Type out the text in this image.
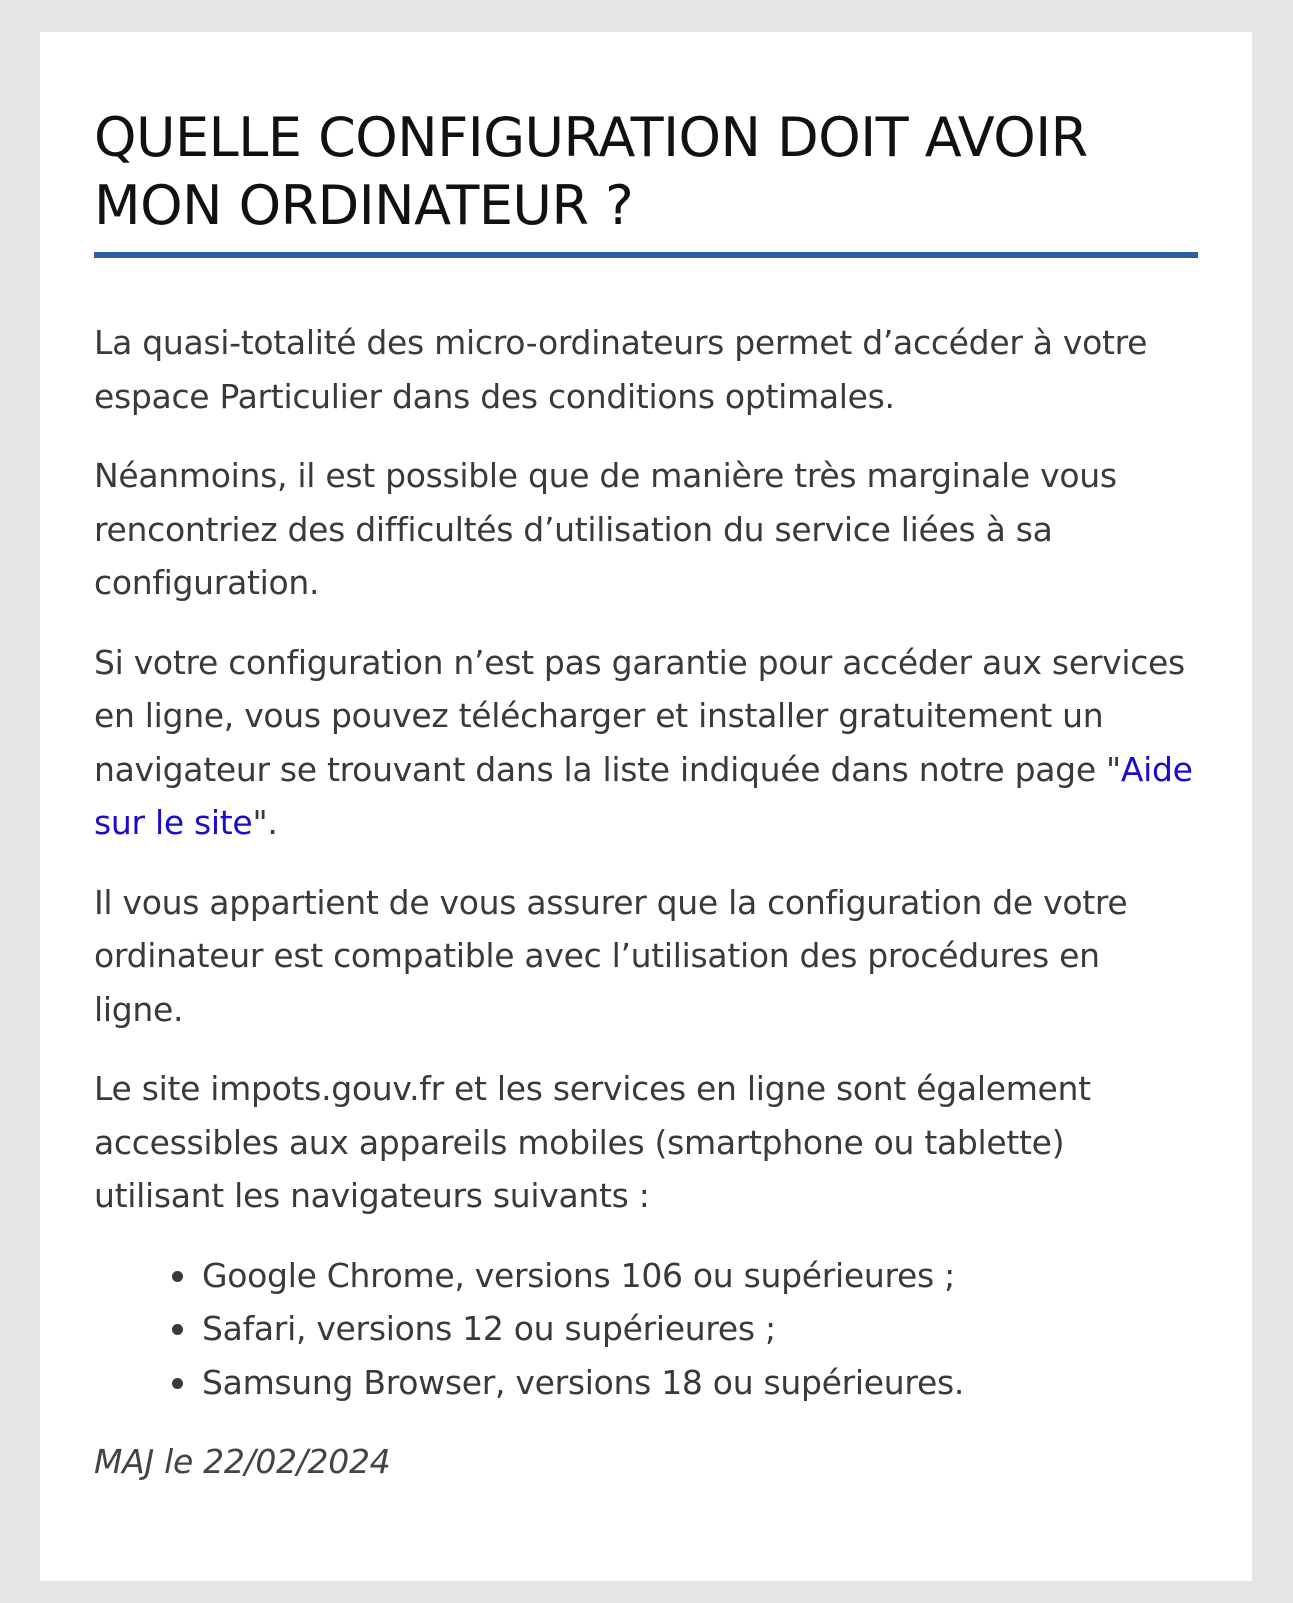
QUELLE CONFIGURATION DOIT AVOIR MON ORDINATEUR ?

La quasi-totalité des micro-ordinateurs permet d’accéder à votre espace Particulier dans des conditions optimales.

Néanmoins, il est possible que de manière très marginale vous rencontriez des difficultés d’utilisation du service liées à sa configuration.

Si votre configuration n’est pas garantie pour accéder aux services en ligne, vous pouvez télécharger et installer gratuitement un navigateur se trouvant dans la liste indiquée dans notre page "Aide sur le site".

Il vous appartient de vous assurer que la configuration de votre ordinateur est compatible avec l’utilisation des procédures en ligne.

Le site impots.gouv.fr et les services en ligne sont également accessibles aux appareils mobiles (smartphone ou tablette) utilisant les navigateurs suivants :

Google Chrome, versions 106 ou supérieures ;
Safari, versions 12 ou supérieures ;
Samsung Browser, versions 18 ou supérieures.

MAJ le 22/02/2024
